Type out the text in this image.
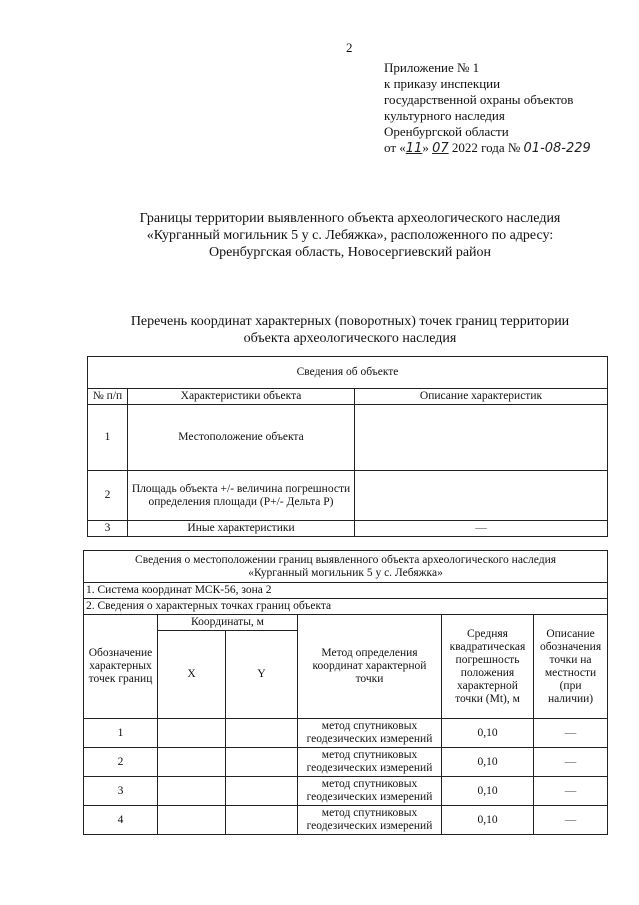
2
Приложение № 1
к приказу инспекции
государственной охраны объектов
культурного наследия
Оренбургской области
от «11» 07 2022 года № 01-08-229
Границы территории выявленного объекта археологического наследия
«Курганный могильник 5 у с. Лебяжка», расположенного по адресу:
Оренбургская область, Новосергиевский район
Перечень координат характерных (поворотных) точек границ территории
объекта археологического наследия
Сведения об объекте		
№ п/п	Характеристики объекта	Описание характеристик
1	Местоположение объекта	
2	Площадь объекта +/- величина погрешности определения площади (P+/- Дельта P)	
3	Иные характеристики	—
Сведения о местоположении границ выявленного объекта археологического наследия
«Курганный могильник 5 у с. Лебяжка»					

1. Система координат МСК-56, зона 2					
2. Сведения о характерных точках границ объекта					
Обозначение характерных точек границ	Координаты, м		Метод определения координат характерной точки	Средняя квадратическая погрешность положения характерной точки (Mt), м	Описание обозначения точки на местности (при наличии)
	X	Y			
1			метод спутниковых геодезических измерений	0,10	—
2			метод спутниковых геодезических измерений	0,10	—
3			метод спутниковых геодезических измерений	0,10	—
4			метод спутниковых геодезических измерений	0,10	—
